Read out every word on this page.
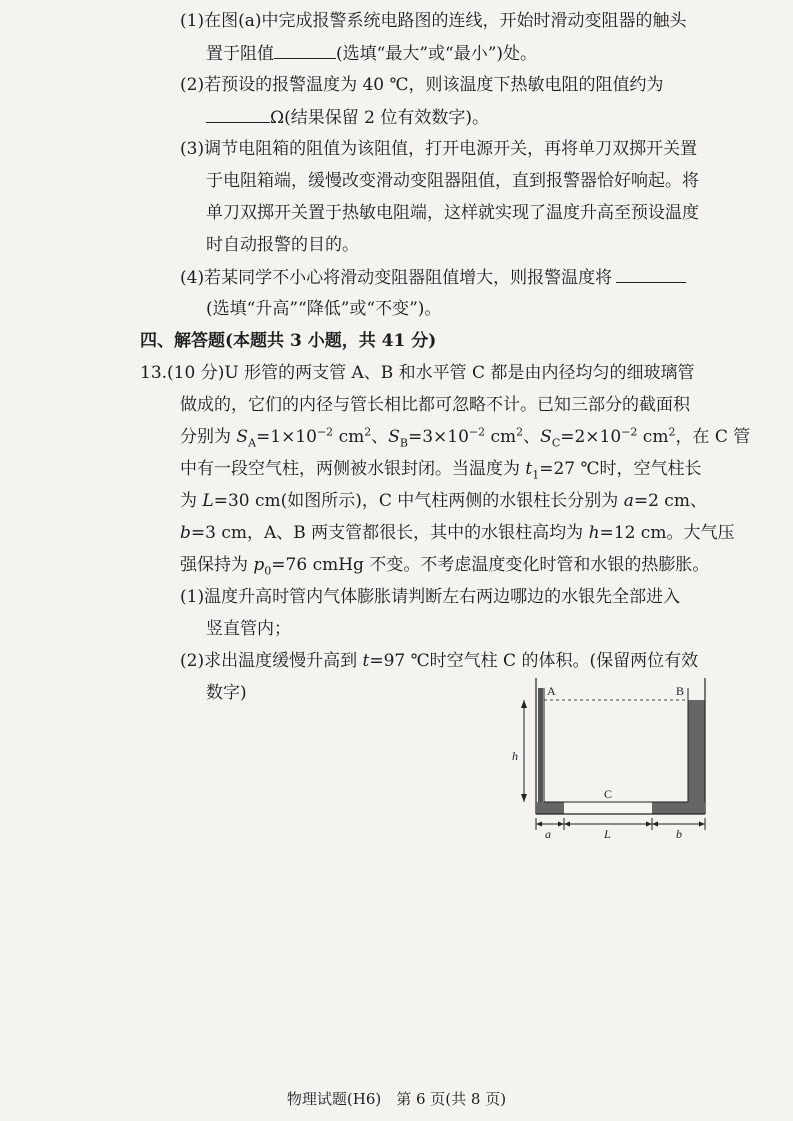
(1)在图(a)中完成报警系统电路图的连线，开始时滑动变阻器的触头
置于阻值	(选填“最大”或“最小”)处。
(2)若预设的报警温度为 40 ℃，则该温度下热敏电阻的阻值约为
Ω(结果保留 2 位有效数字)。
(3)调节电阻箱的阻值为该阻值，打开电源开关，再将单刀双掷开关置
于电阻箱端，缓慢改变滑动变阻器阻值，直到报警器恰好响起。将
单刀双掷开关置于热敏电阻端，这样就实现了温度升高至预设温度
时自动报警的目的。
(4)若某同学不小心将滑动变阻器阻值增大，则报警温度将
(选填“升高”“降低”或“不变”)。
四、解答题(本题共 3 小题，共 41 分)
13.(10 分)U 形管的两支管 A、B 和水平管 C 都是由内径均匀的细玻璃管
做成的，它们的内径与管长相比都可忽略不计。已知三部分的截面积
分别为 $S_A=1\times 10^{-2}$ $cm^2$、$S_B=3\times 10^{-2}$ $cm^2$、$S_C=2\times 10^{-2}$ $cm^2$，在 C 管
中有一段空气柱，两侧被水银封闭。当温度为 $t_1=27$ ℃时，空气柱长
为 L=30 cm(如图所示)，C 中气柱两侧的水银柱长分别为 a=2 cm、
b=3 cm，A、B 两支管都很长，其中的水银柱高均为 h=12 cm。大气压
强保持为 $p_0=76$ cmHg 不变。不考虑温度变化时管和水银的热膨胀。
(1)温度升高时管内气体膨胀请判断左右两边哪边的水银先全部进入
竖直管内；
(2)求出温度缓慢升高到 t=97 ℃时空气柱 C 的体积。(保留两位有效
数字)	A	B
C
h
a	L	b
物理试题(H6)　第 6 页(共 8 页)
